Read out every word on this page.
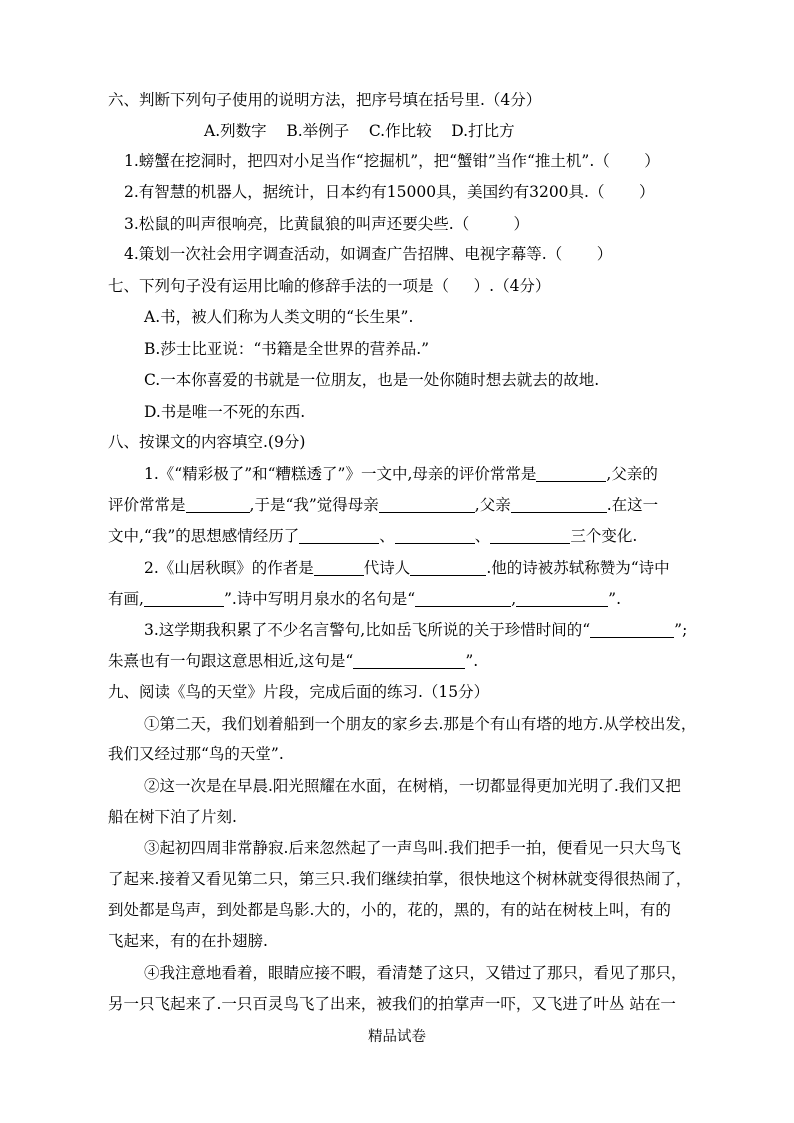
六、判断下列句子使用的说明方法，把序号填在括号里.（4分）
A.列数字    B.举例子    C.作比较    D.打比方
1.螃蟹在挖洞时，把四对小足当作“挖掘机”，把“蟹钳”当作“推土机”.（       ）
2.有智慧的机器人，据统计，日本约有15000具，美国约有3200具.（       ）
3.松鼠的叫声很响亮，比黄鼠狼的叫声还要尖些.（         ）
4.策划一次社会用字调查活动，如调查广告招牌、电视字幕等.（       ）
七、下列句子没有运用比喻的修辞手法的一项是（     ）.（4分）
A.书，被人们称为人类文明的“长生果”.
B.莎士比亚说：“书籍是全世界的营养品.”
C.一本你喜爱的书就是一位朋友，也是一处你随时想去就去的故地.
D.书是唯一不死的东西.
八、按课文的内容填空.(9分)
1.《“精彩极了”和“糟糕透了”》一文中,母亲的评价常常是	,父亲的
评价常常是	,于是“我”觉得母亲	,父亲	.在这一
文中,“我”的思想感情经历了	、	、	三个变化.
2.《山居秋暝》的作者是	代诗人	.他的诗被苏轼称赞为“诗中
有画,	”.诗中写明月泉水的名句是“	,	”.
3.这学期我积累了不少名言警句,比如岳飞所说的关于珍惜时间的“	”;
朱熹也有一句跟这意思相近,这句是“	”.
九、阅读《鸟的天堂》片段，完成后面的练习.（15分）
①第二天，我们划着船到一个朋友的家乡去.那是个有山有塔的地方.从学校出发，
我们又经过那“鸟的天堂”.
②这一次是在早晨.阳光照耀在水面，在树梢，一切都显得更加光明了.我们又把
船在树下泊了片刻.
③起初四周非常静寂.后来忽然起了一声鸟叫.我们把手一拍，便看见一只大鸟飞
了起来.接着又看见第二只，第三只.我们继续拍掌，很快地这个树林就变得很热闹了，
到处都是鸟声，到处都是鸟影.大的，小的，花的，黑的，有的站在树枝上叫，有的
飞起来，有的在扑翅膀.
④我注意地看着，眼睛应接不暇，看清楚了这只，又错过了那只，看见了那只，
另一只飞起来了.一只百灵鸟飞了出来，被我们的拍掌声一吓，又飞进了叶丛 站在一
精品试卷
